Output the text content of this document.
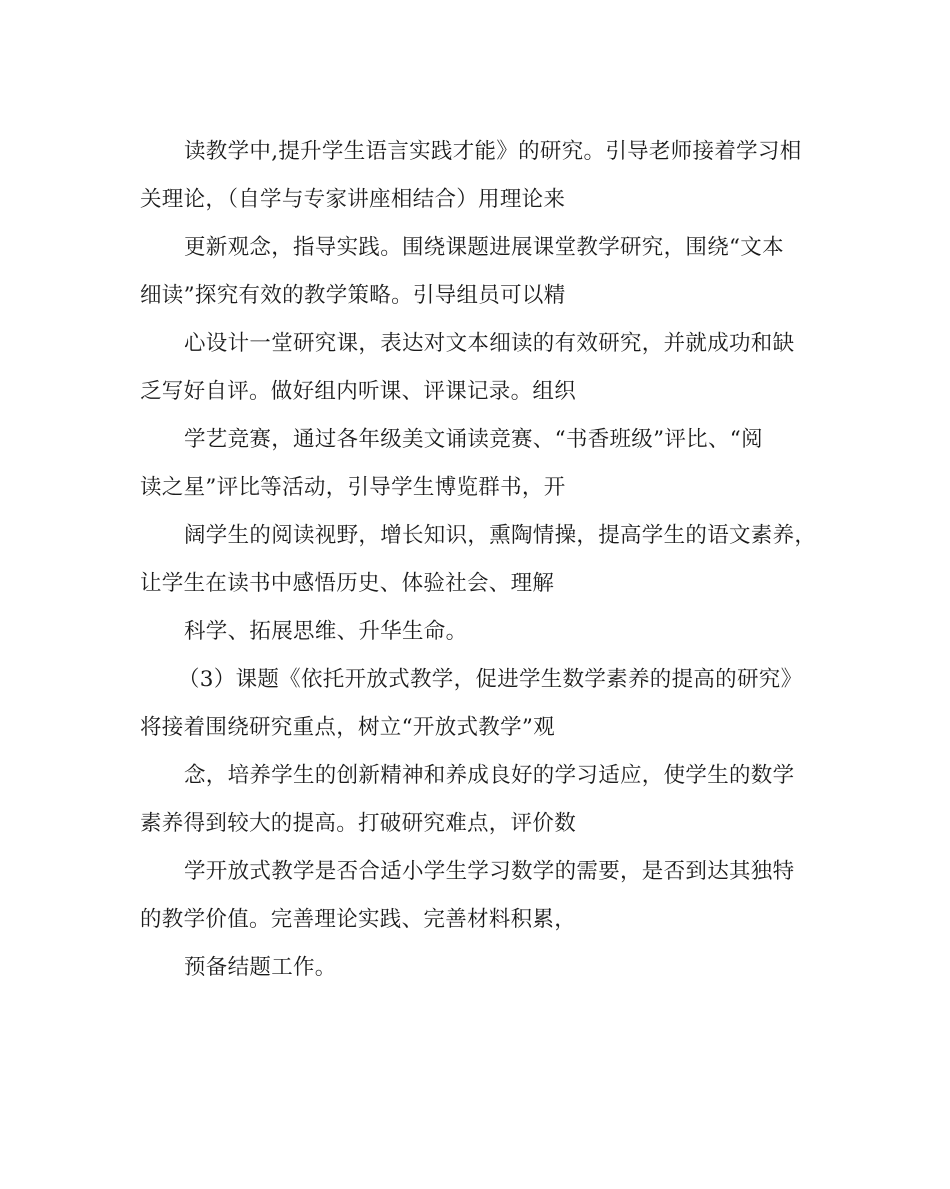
读教学中,提升学生语言实践才能》的研究。引导老师接着学习相
关理论，（自学与专家讲座相结合）用理论来
更新观念，指导实践。围绕课题进展课堂教学研究，围绕“文本
细读”探究有效的教学策略。引导组员可以精
心设计一堂研究课，表达对文本细读的有效研究，并就成功和缺
乏写好自评。做好组内听课、评课记录。组织
学艺竞赛，通过各年级美文诵读竞赛、“书香班级”评比、“阅
读之星”评比等活动，引导学生博览群书，开
阔学生的阅读视野，增长知识，熏陶情操，提高学生的语文素养，
让学生在读书中感悟历史、体验社会、理解
科学、拓展思维、升华生命。
（3）课题《依托开放式教学，促进学生数学素养的提高的研究》
将接着围绕研究重点，树立“开放式教学”观
念，培养学生的创新精神和养成良好的学习适应，使学生的数学
素养得到较大的提高。打破研究难点，评价数
学开放式教学是否合适小学生学习数学的需要，是否到达其独特
的教学价值。完善理论实践、完善材料积累，
预备结题工作。
